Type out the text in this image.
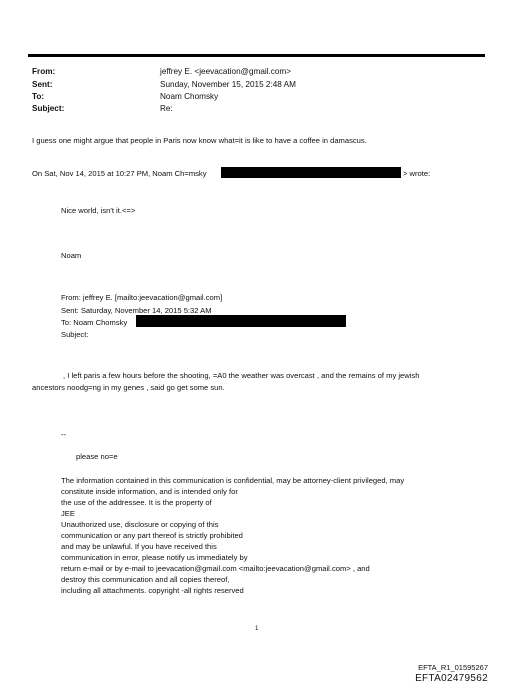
From:	jeffrey E. <jeevacation@gmail.com>
Sent:	Sunday, November 15, 2015 2:48 AM
To:	Noam Chomsky
Subject:	Re:
I guess one might argue that people in Paris now know what=it is like to have a coffee in damascus.
On Sat, Nov 14, 2015 at 10:27 PM, Noam Ch=msky	> wrote:
Nice world, isn't it.<=>
Noam
From: jeffrey E. [mailto:jeevacation@gmail.com]
Sent: Saturday, November 14, 2015 5:32 AM
To: Noam Chomsky
Subject:
, I left paris a few hours before the shooting, =A0 the weather was overcast , and the remains of my jewish
ancestors noodg=ng in my genes , said go get some sun.
--
please no=e
The information contained in this communication is confidential, may be attorney-client privileged, may
constitute inside information, and is intended only for
the use of the addressee. It is the property of
JEE
Unauthorized use, disclosure or copying of this
communication or any part thereof is strictly prohibited
and may be unlawful. If you have received this
communication in error, please notify us immediately by
return e-mail or by e-mail to jeevacation@gmail.com <mailto:jeevacation@gmail.com> , and
destroy this communication and all copies thereof,
including all attachments. copyright -all rights reserved
1
EFTA_R1_01595267
EFTA02479562
